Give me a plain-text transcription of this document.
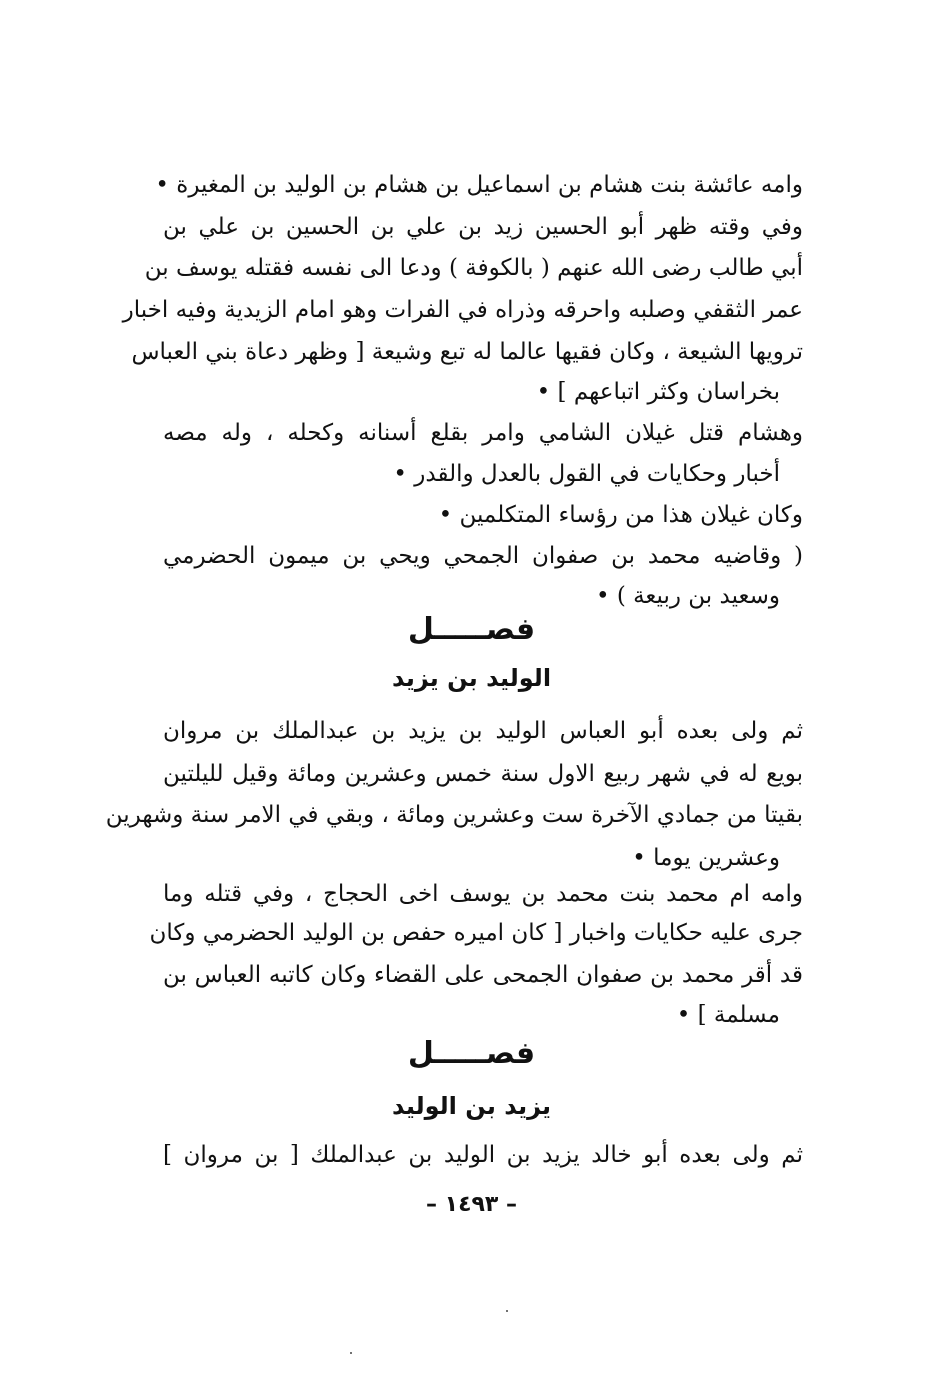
وامه عائشة بنت هشام بن اسماعيل بن هشام بن الوليد بن المغيرة •
وفي وقته ظهر أبو الحسين زيد بن علي بن الحسين بن علي بن
أبي طالب رضى الله عنهم ( بالكوفة ) ودعا الى نفسه فقتله يوسف بن
عمر الثقفي وصلبه واحرقه وذراه في الفرات وهو امام الزيدية وفيه اخبار
ترويها الشيعة ، وكان فقيها عالما له تبع وشيعة [ وظهر دعاة بني العباس
بخراسان وكثر اتباعهم ] •
وهشام قتل غيلان الشامي وامر بقلع أسنانه وكحله ، وله مصه
أخبار وحكايات في القول بالعدل والقدر •
وكان غيلان هذا من رؤساء المتكلمين •
( وقاضيه محمد بن صفوان الجمحي ويحي بن ميمون الحضرمي
وسعيد بن ربيعة ) •
فصـــــل
الوليد بن يزيد
ثم ولى بعده أبو العباس الوليد بن يزيد بن عبدالملك بن مروان
بويع له في شهر ربيع الاول سنة خمس وعشرين ومائة وقيل لليلتين
بقيتا من جمادي الآخرة ست وعشرين ومائة ، وبقي في الامر سنة وشهرين
وعشرين يوما •
وامه ام محمد بنت محمد بن يوسف اخى الحجاج ، وفي قتله وما
جرى عليه حكايات واخبار [ كان اميره حفص بن الوليد الحضرمي وكان
قد أقر محمد بن صفوان الجمحى على القضاء وكان كاتبه العباس بن
مسلمة ] •
فصـــــل
يزيد بن الوليد
ثم ولى بعده أبو خالد يزيد بن الوليد بن عبدالملك [ بن مروان ]
– ١٤٩٣ –
